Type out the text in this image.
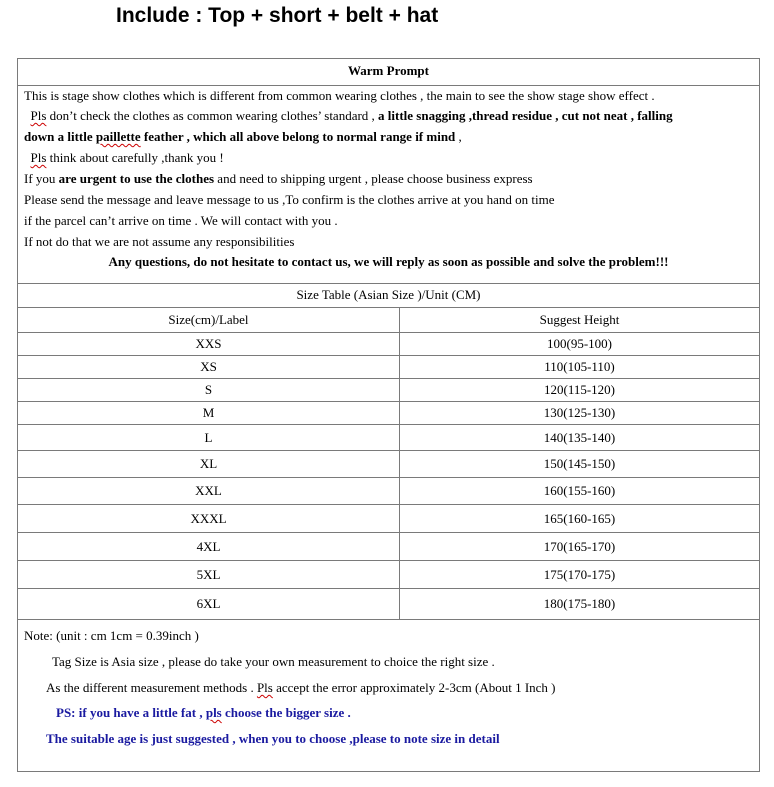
Include : Top + short + belt + hat
Warm Prompt
This is stage show clothes which is different from common wearing clothes , the main to see the show stage show effect .
Pls don’t check the clothes as common wearing clothes’ standard , a little snagging ,thread residue , cut not neat , falling
down a little paillette feather , which all above belong to normal range if mind ,
Pls think about carefully ,thank you !
If you are urgent to use the clothes and need to shipping urgent , please choose business express
Please send the message and leave message to us ,To confirm is the clothes arrive at you hand on time
if the parcel can’t arrive on time . We will contact with you .
If not do that we are not assume any responsibilities
Any questions, do not hesitate to contact us, we will reply as soon as possible and solve the problem!!!
Size Table (Asian Size )/Unit (CM)
Size(cm)/Label	Suggest Height
XXS	100(95-100)
XS	110(105-110)
S	120(115-120)
M	130(125-130)
L	140(135-140)
XL	150(145-150)
XXL	160(155-160)
XXXL	165(160-165)
4XL	170(165-170)
5XL	175(170-175)
6XL	180(175-180)
Note: (unit : cm 1cm = 0.39inch )
Tag Size is Asia size , please do take your own measurement to choice the right size .
As the different measurement methods . Pls accept the error approximately 2-3cm (About 1 Inch )
PS: if you have a little fat , pls choose the bigger size .
The suitable age is just suggested , when you to choose ,please to note size in detail
